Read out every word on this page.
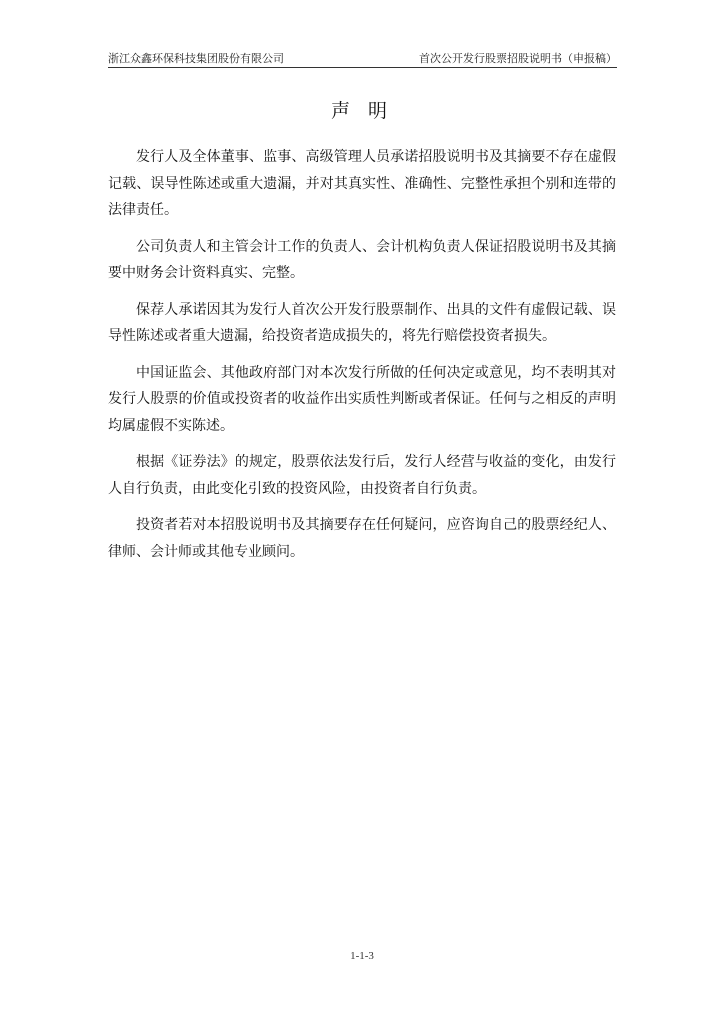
浙江众鑫环保科技集团股份有限公司	首次公开发行股票招股说明书（申报稿）
声 明

发行人及全体董事、监事、高级管理人员承诺招股说明书及其摘要不存在虚假记载、误导性陈述或重大遗漏，并对其真实性、准确性、完整性承担个别和连带的法律责任。

公司负责人和主管会计工作的负责人、会计机构负责人保证招股说明书及其摘要中财务会计资料真实、完整。

保荐人承诺因其为发行人首次公开发行股票制作、出具的文件有虚假记载、误导性陈述或者重大遗漏，给投资者造成损失的，将先行赔偿投资者损失。

中国证监会、其他政府部门对本次发行所做的任何决定或意见，均不表明其对发行人股票的价值或投资者的收益作出实质性判断或者保证。任何与之相反的声明均属虚假不实陈述。

根据《证券法》的规定，股票依法发行后，发行人经营与收益的变化，由发行人自行负责，由此变化引致的投资风险，由投资者自行负责。

投资者若对本招股说明书及其摘要存在任何疑问，应咨询自己的股票经纪人、律师、会计师或其他专业顾问。

1-1-3
